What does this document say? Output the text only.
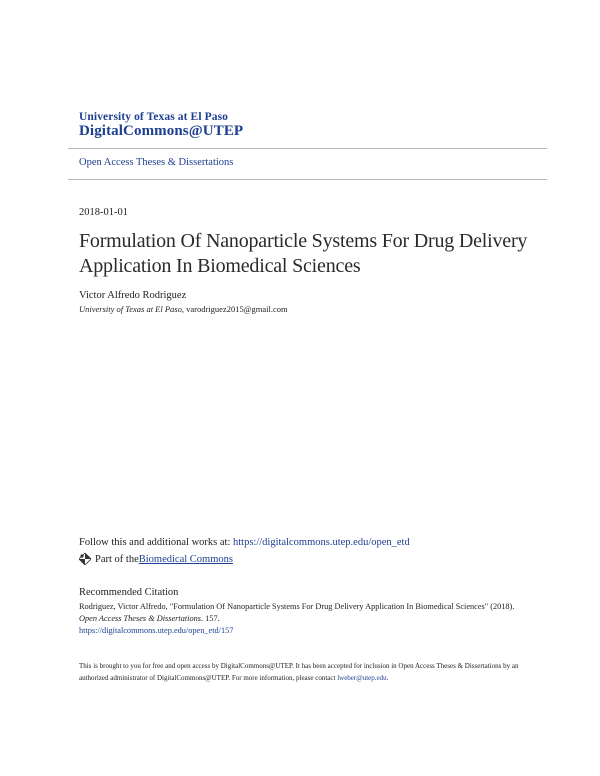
University of Texas at El Paso
DigitalCommons@UTEP
Open Access Theses & Dissertations
2018-01-01
Formulation Of Nanoparticle Systems For Drug Delivery Application In Biomedical Sciences
Victor Alfredo Rodriguez
University of Texas at El Paso, varodriguez2015@gmail.com
Follow this and additional works at: https://digitalcommons.utep.edu/open_etd
Part of the Biomedical Commons
Recommended Citation
Rodriguez, Victor Alfredo, "Formulation Of Nanoparticle Systems For Drug Delivery Application In Biomedical Sciences" (2018).
Open Access Theses & Dissertations. 157.
https://digitalcommons.utep.edu/open_etd/157
This is brought to you for free and open access by DigitalCommons@UTEP. It has been accepted for inclusion in Open Access Theses & Dissertations by an authorized administrator of DigitalCommons@UTEP. For more information, please contact lweber@utep.edu.
